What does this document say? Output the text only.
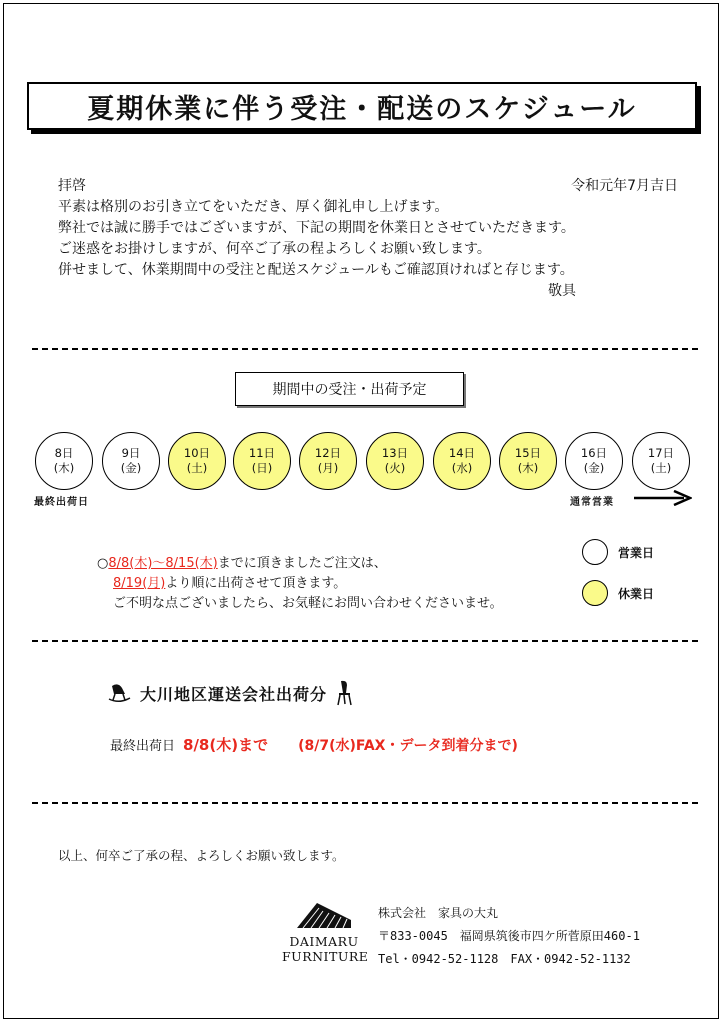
夏期休業に伴う受注・配送のスケジュール
拝啓	令和元年7月吉日
平素は格別のお引き立てをいただき、厚く御礼申し上げます。
弊社では誠に勝手ではございますが、下記の期間を休業日とさせていただきます。
ご迷惑をお掛けしますが、何卒ご了承の程よろしくお願い致します。
併せまして、休業期間中の受注と配送スケジュールもご確認頂ければと存じます。
敬具
期間中の受注・出荷予定
8日
(木)
9日
(金)
10日
(土)
11日
(日)
12日
(月)
13日
(火)
14日
(水)
15日
(木)
16日
(金)
17日
(土)
最終出荷日	通常営業
○8/8(木)～8/15(木)までに頂きましたご注文は、
8/19(月)より順に出荷させて頂きます。
ご不明な点ございましたら、お気軽にお問い合わせくださいませ。
営業日
休業日
大川地区運送会社出荷分
最終出荷日 8/8(木)まで (8/7(水)FAX・データ到着分まで)
以上、何卒ご了承の程、よろしくお願い致します。
DAIMARU
FURNITURE
株式会社　家具の大丸
〒833-0045　福岡県筑後市四ケ所菅原田460-1
Tel・0942-52-1128　FAX・0942-52-1132
